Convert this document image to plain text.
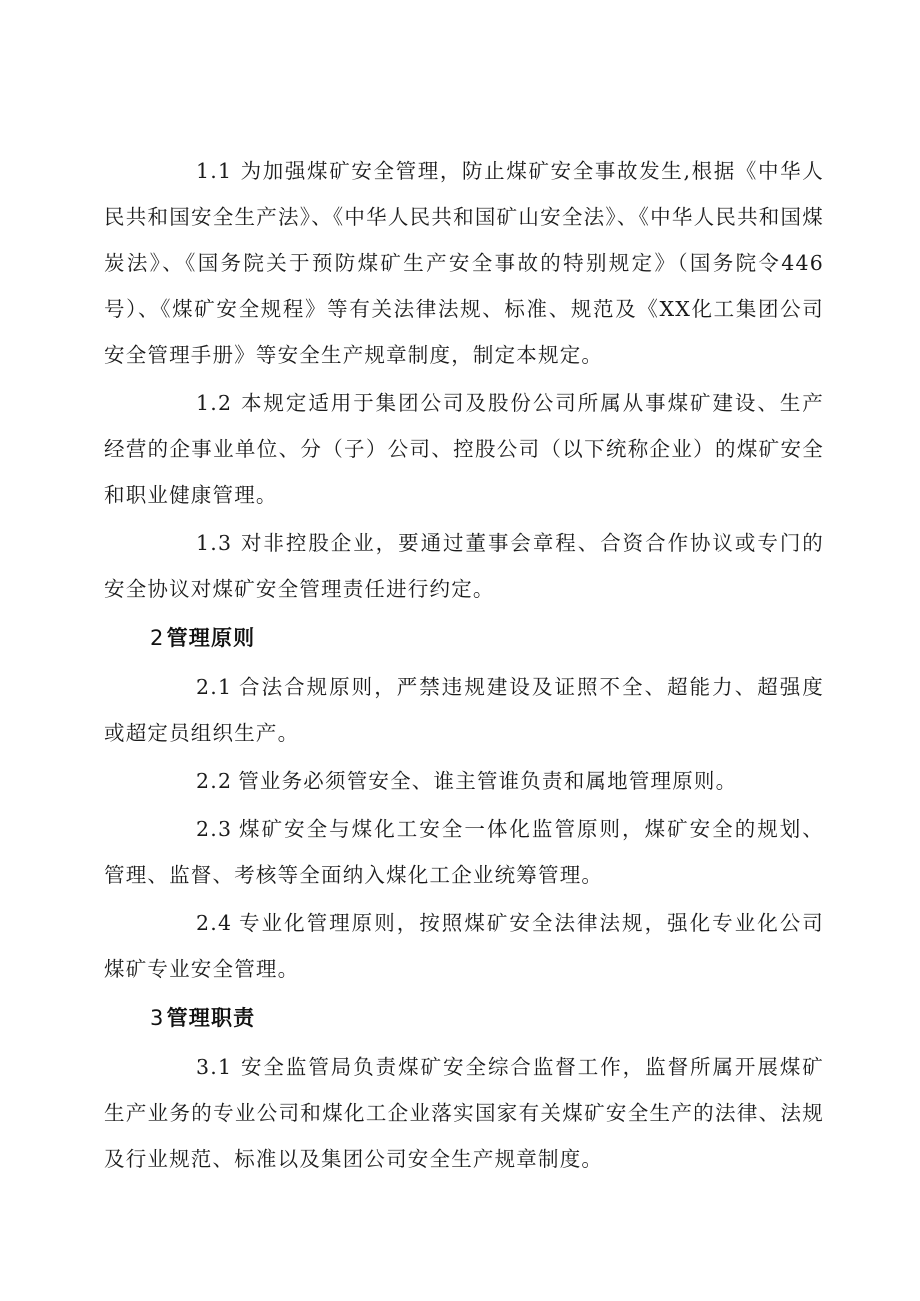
1.1 为加强煤矿安全管理，防止煤矿安全事故发生,根据《中华人民共和国安全生产法》、《中华人民共和国矿山安全法》、《中华人民共和国煤炭法》、《国务院关于预防煤矿生产安全事故的特别规定》（国务院令446号）、《煤矿安全规程》等有关法律法规、标准、规范及《XX化工集团公司安全管理手册》等安全生产规章制度，制定本规定。

1.2 本规定适用于集团公司及股份公司所属从事煤矿建设、生产经营的企事业单位、分（子）公司、控股公司（以下统称企业）的煤矿安全和职业健康管理。

1.3 对非控股企业，要通过董事会章程、合资合作协议或专门的安全协议对煤矿安全管理责任进行约定。

2管理原则

2.1 合法合规原则，严禁违规建设及证照不全、超能力、超强度或超定员组织生产。

2.2 管业务必须管安全、谁主管谁负责和属地管理原则。

2.3 煤矿安全与煤化工安全一体化监管原则，煤矿安全的规划、管理、监督、考核等全面纳入煤化工企业统筹管理。

2.4 专业化管理原则，按照煤矿安全法律法规，强化专业化公司煤矿专业安全管理。

3管理职责

3.1 安全监管局负责煤矿安全综合监督工作，监督所属开展煤矿生产业务的专业公司和煤化工企业落实国家有关煤矿安全生产的法律、法规及行业规范、标准以及集团公司安全生产规章制度。
